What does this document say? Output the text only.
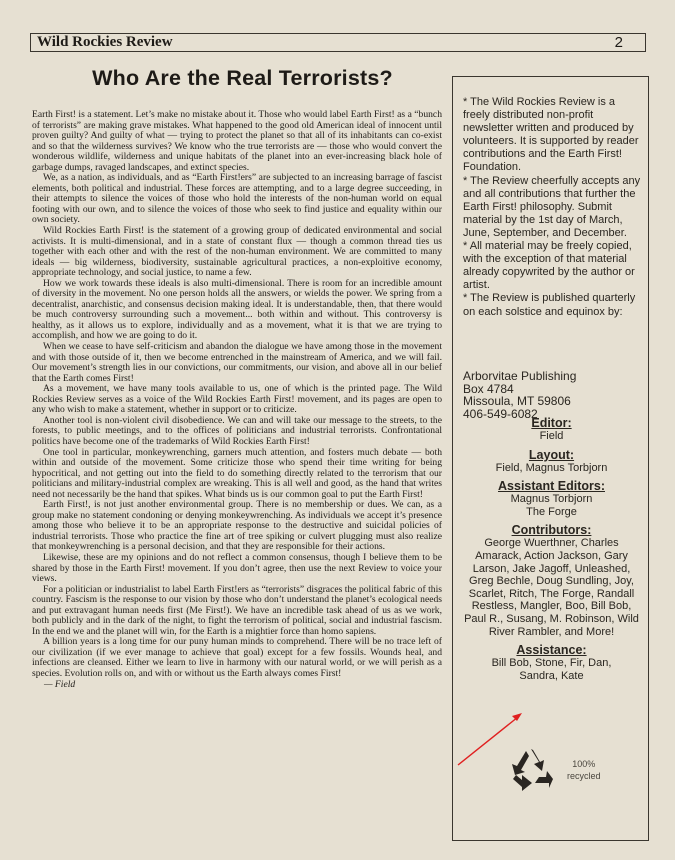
Wild Rockies Review	2
Who Are the Real Terrorists?

Earth First! is a statement. Let’s make no mistake about it. Those who would label Earth First! as a “bunch of terrorists” are making grave mistakes. What happened to the good old American ideal of innocent until proven guilty? And guilty of what — trying to protect the planet so that all of its inhabitants can co-exist and so that the wilderness survives? We know who the true terrorists are — those who would convert the wonderous wildlife, wilderness and unique habitats of the planet into an ever-increasing black hole of garbage dumps, ravaged landscapes, and extinct species.

We, as a nation, as individuals, and as “Earth First!ers” are subjected to an increasing barrage of fascist elements, both political and industrial. These forces are attempting, and to a large degree succeeding, in their attempts to silence the voices of those who hold the interests of the non-human world on equal footing with our own, and to silence the voices of those who seek to find justice and equality within our own society.

Wild Rockies Earth First! is the statement of a growing group of dedicated environmental and social activists. It is multi-dimensional, and in a state of constant flux — though a common thread ties us together with each other and with the rest of the non-human environment. We are committed to many ideals — big wilderness, biodiversity, sustainable agricultural practices, a non-exploitive economy, appropriate technology, and social justice, to name a few.

How we work towards these ideals is also multi-dimensional. There is room for an incredible amount of diversity in the movement. No one person holds all the answers, or wields the power. We spring from a decentralist, anarchistic, and consensus decision making ideal. It is understandable, then, that there would be much controversy surrounding such a movement... both within and without. This controversy is healthy, as it allows us to explore, individually and as a movement, what it is that we are trying to accomplish, and how we are going to do it.

When we cease to have self-criticism and abandon the dialogue we have among those in the movement and with those outside of it, then we become entrenched in the mainstream of America, and we will fail. Our movement’s strength lies in our convictions, our commitments, our vision, and above all in our belief that the Earth comes First!

As a movement, we have many tools available to us, one of which is the printed page. The Wild Rockies Review serves as a voice of the Wild Rockies Earth First! movement, and its pages are open to any who wish to make a statement, whether in support or to criticize.

Another tool is non-violent civil disobedience. We can and will take our message to the streets, to the forests, to public meetings, and to the offices of politicians and industrial terrorists. Confrontational politics have become one of the trademarks of Wild Rockies Earth First!

One tool in particular, monkeywrenching, garners much attention, and fosters much debate — both within and outside of the movement. Some criticize those who spend their time writing for being hypocritical, and not getting out into the field to do something directly related to the terrorism that our politicians and military-industrial complex are wreaking. This is all well and good, as the hand that writes need not necessarily be the hand that spikes. What binds us is our common goal to put the Earth First!

Earth First!, is not just another environmental group. There is no membership or dues. We can, as a group make no statement condoning or denying monkeywrenching. As individuals we accept it’s presence among those who believe it to be an appropriate response to the destructive and suicidal policies of industrial terrorists. Those who practice the fine art of tree spiking or culvert plugging must also realize that monkeywrenching is a personal decision, and that they are responsible for their actions.

Likewise, these are my opinions and do not reflect a common consensus, though I believe them to be shared by those in the Earth First! movement. If you don’t agree, then use the next Review to voice your views.

For a politician or industrialist to label Earth First!ers as “terrorists” disgraces the political fabric of this country. Fascism is the response to our vision by those who don’t understand the planet’s ecological needs and put extravagant human needs first (Me First!). We have an incredible task ahead of us as we work, both publicly and in the dark of the night, to fight the terrorism of political, social and industrial fascism. In the end we and the planet will win, for the Earth is a mightier force than homo sapiens.

A billion years is a long time for our puny human minds to comprehend. There will be no trace left of our civilization (if we ever manage to achieve that goal) except for a few fossils. Wounds heal, and infections are cleansed. Either we learn to live in harmony with our natural world, or we will perish as a species. Evolution rolls on, and with or without us the Earth always comes First!

— Field

* The Wild Rockies Review is a freely distributed non-profit newsletter written and produced by volunteers. It is supported by reader contributions and the Earth First! Foundation.

* The Review cheerfully accepts any and all contributions that further the Earth First! philosophy. Submit material by the 1st day of March, June, September, and December.

* All material may be freely copied, with the exception of that material already copywrited by the author or artist.

* The Review is published quarterly on each solstice and equinox by:

Arborvitae Publishing
Box 4784
Missoula, MT 59806
406-549-6082
Editor:
Field
Layout:
Field, Magnus Torbjorn
Assistant Editors:
Magnus Torbjorn The Forge
Contributors:
George Wuerthner, Charles Amarack, Action Jackson, Gary Larson, Jake Jagoff, Unleashed, Greg Bechle, Doug Sundling, Joy, Scarlet, Ritch, The Forge, Randall Restless, Mangler, Boo, Bill Bob, Paul R., Susang, M. Robinson, Wild River Rambler, and More!
Assistance:
Bill Bob, Stone, Fir, Dan, Sandra, Kate
100%
recycled
